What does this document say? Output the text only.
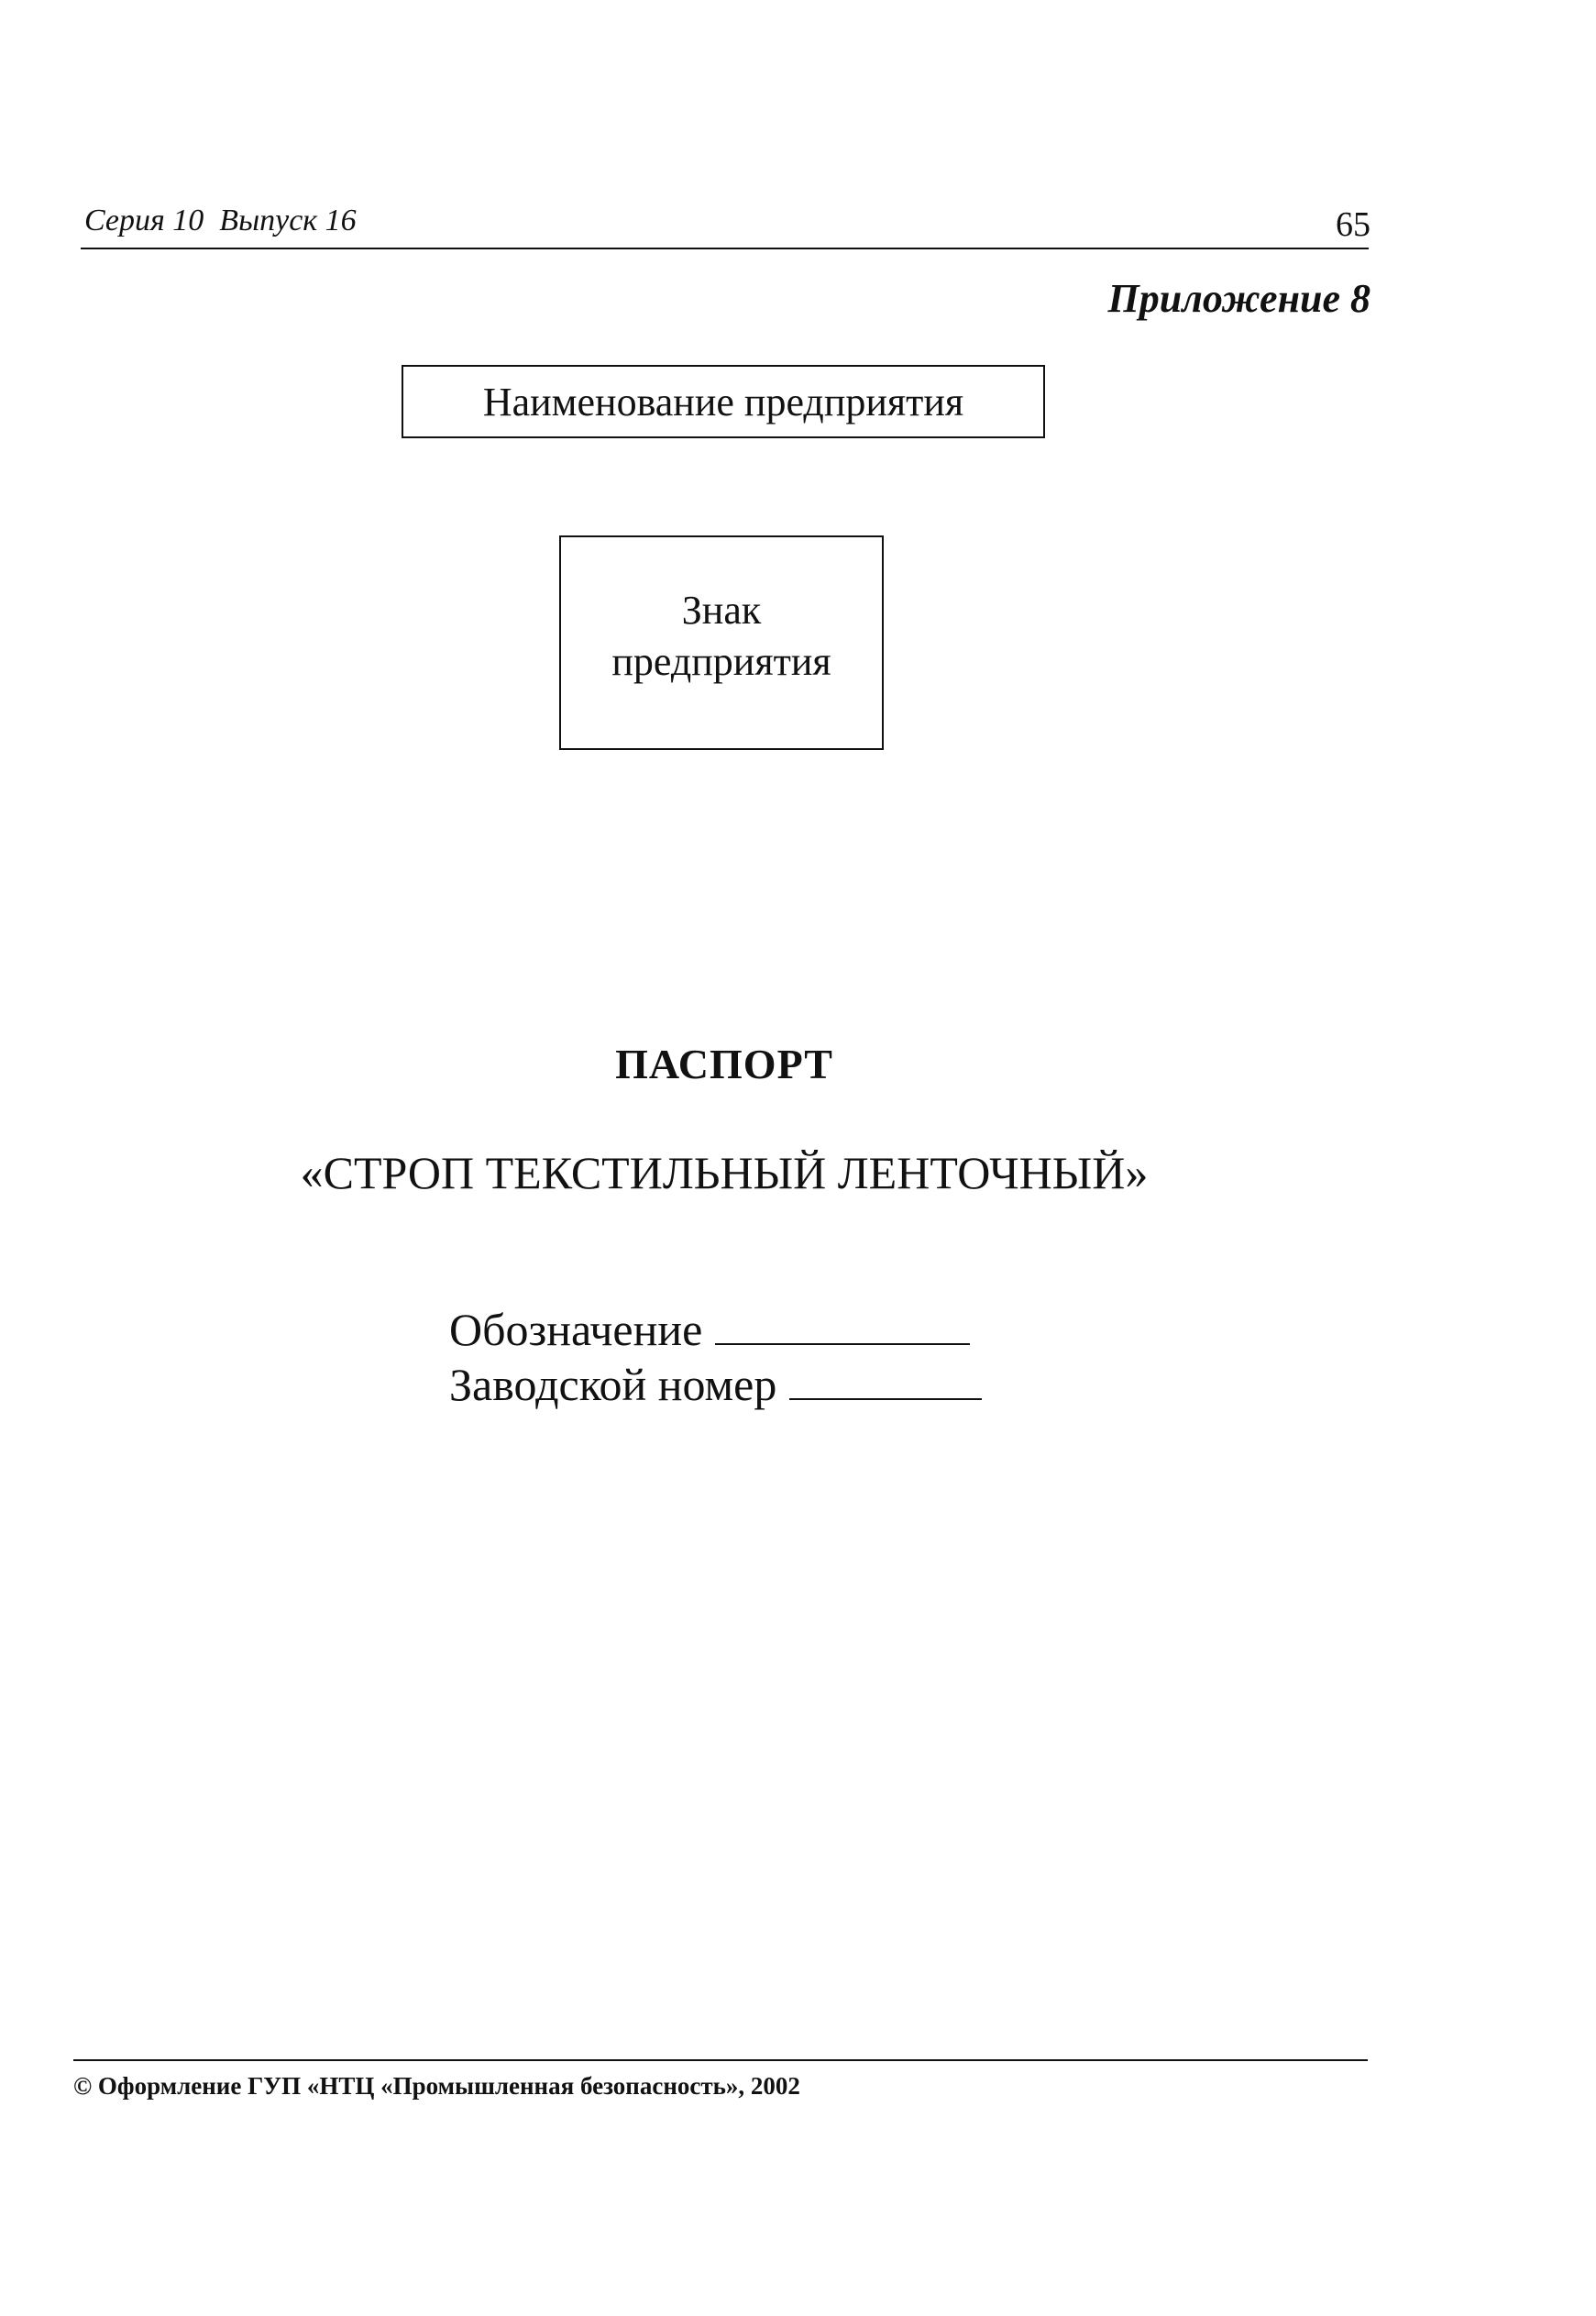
Серия 10  Выпуск 16	65
Приложение 8
Наименование предприятия
Знак
предприятия
ПАСПОРТ
«СТРОП ТЕКСТИЛЬНЫЙ ЛЕНТОЧНЫЙ»
Обозначение
Заводской номер
© Оформление ГУП «НТЦ «Промышленная безопасность», 2002
